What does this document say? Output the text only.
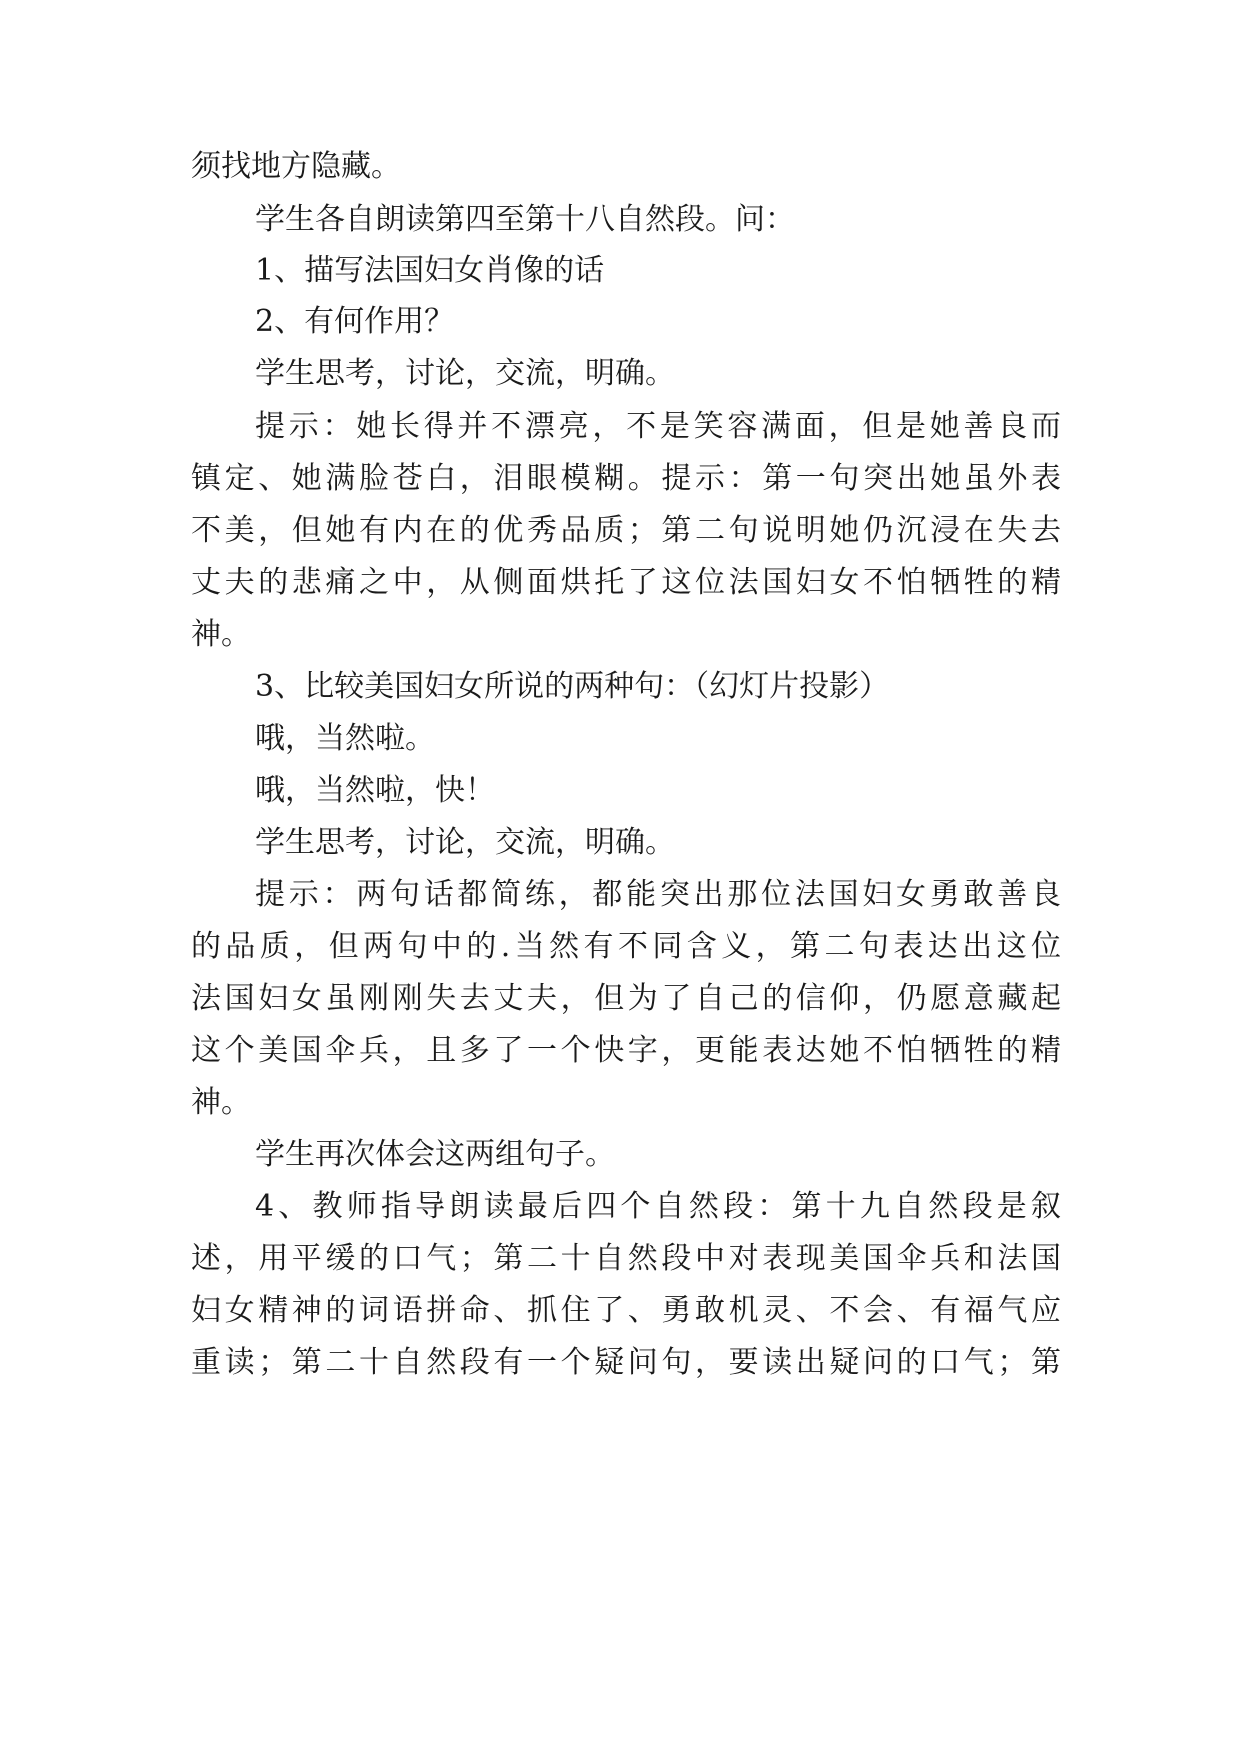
须找地方隐藏。
学生各自朗读第四至第十八自然段。问：
1、描写法国妇女肖像的话
2、有何作用？
学生思考，讨论，交流，明确。
提示：她长得并不漂亮，不是笑容满面，但是她善良而
镇定、她满脸苍白，泪眼模糊。提示：第一句突出她虽外表
不美，但她有内在的优秀品质；第二句说明她仍沉浸在失去
丈夫的悲痛之中，从侧面烘托了这位法国妇女不怕牺牲的精
神。
3、比较美国妇女所说的两种句：（幻灯片投影）
哦，当然啦。
哦，当然啦，快！
学生思考，讨论，交流，明确。
提示：两句话都简练，都能突出那位法国妇女勇敢善良
的品质，但两句中的.当然有不同含义，第二句表达出这位
法国妇女虽刚刚失去丈夫，但为了自己的信仰，仍愿意藏起
这个美国伞兵，且多了一个快字，更能表达她不怕牺牲的精
神。
学生再次体会这两组句子。
4、教师指导朗读最后四个自然段：第十九自然段是叙
述，用平缓的口气；第二十自然段中对表现美国伞兵和法国
妇女精神的词语拼命、抓住了、勇敢机灵、不会、有福气应
重读；第二十自然段有一个疑问句，要读出疑问的口气；第
